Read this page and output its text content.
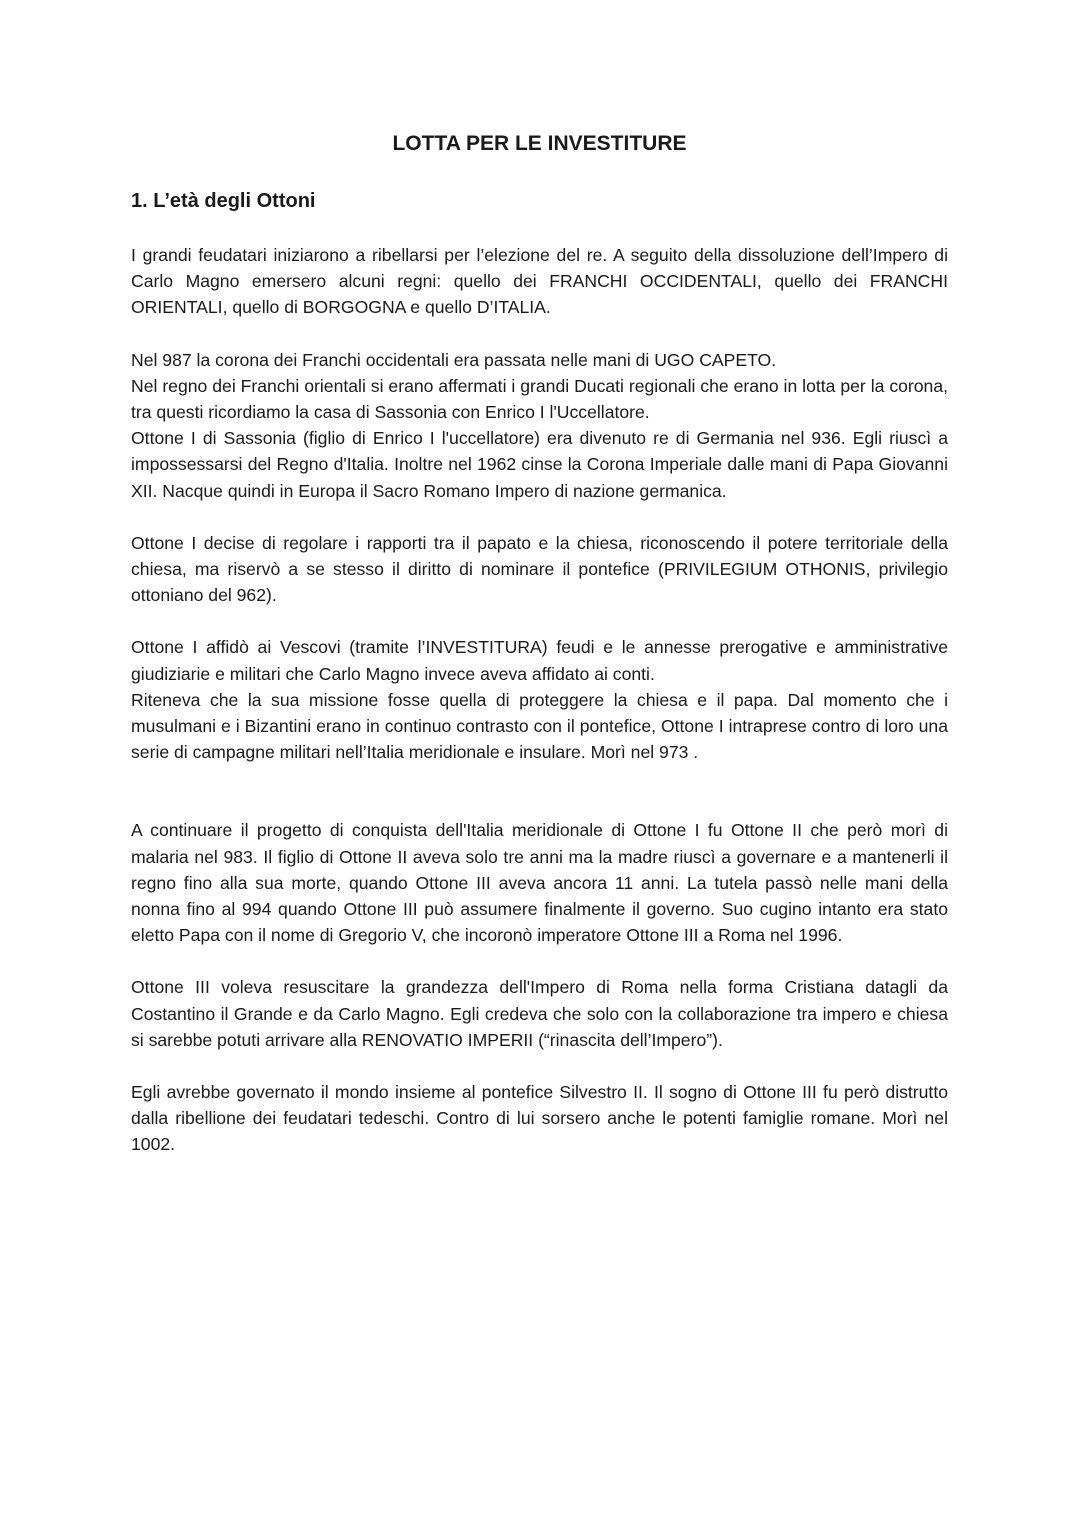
LOTTA PER LE INVESTITURE
1. L’età degli Ottoni

I grandi feudatari iniziarono a ribellarsi per l’elezione del re. A seguito della dissoluzione dell’Impero di Carlo Magno emersero alcuni regni: quello dei FRANCHI OCCIDENTALI, quello dei FRANCHI ORIENTALI, quello di BORGOGNA e quello D’ITALIA.

Nel 987 la corona dei Franchi occidentali era passata nelle mani di UGO CAPETO.

Nel regno dei Franchi orientali si erano affermati i grandi Ducati regionali che erano in lotta per la corona, tra questi ricordiamo la casa di Sassonia con Enrico I l'Uccellatore.

Ottone I di Sassonia (figlio di Enrico I l'uccellatore) era divenuto re di Germania nel 936. Egli riuscì a impossessarsi del Regno d'Italia. Inoltre nel 1962 cinse la Corona Imperiale dalle mani di Papa Giovanni XII. Nacque quindi in Europa il Sacro Romano Impero di nazione germanica.

Ottone I decise di regolare i rapporti tra il papato e la chiesa, riconoscendo il potere territoriale della chiesa, ma riservò a se stesso il diritto di nominare il pontefice (PRIVILEGIUM OTHONIS, privilegio ottoniano del 962).

Ottone I affidò ai Vescovi (tramite l’INVESTITURA) feudi e le annesse prerogative e amministrative giudiziarie e militari che Carlo Magno invece aveva affidato ai conti.

Riteneva che la sua missione fosse quella di proteggere la chiesa e il papa. Dal momento che i musulmani e i Bizantini erano in continuo contrasto con il pontefice, Ottone I intraprese contro di loro una serie di campagne militari nell’Italia meridionale e insulare. Morì nel 973 .

A continuare il progetto di conquista dell'Italia meridionale di Ottone I fu Ottone II che però morì di malaria nel 983. Il figlio di Ottone II aveva solo tre anni ma la madre riuscì a governare e a mantenerli il regno fino alla sua morte, quando Ottone III aveva ancora 11 anni. La tutela passò nelle mani della nonna fino al 994 quando Ottone III può assumere finalmente il governo. Suo cugino intanto era stato eletto Papa con il nome di Gregorio V, che incoronò imperatore Ottone III a Roma nel 1996.

Ottone III voleva resuscitare la grandezza dell'Impero di Roma nella forma Cristiana datagli da Costantino il Grande e da Carlo Magno. Egli credeva che solo con la collaborazione tra impero e chiesa si sarebbe potuti arrivare alla RENOVATIO IMPERII (“rinascita dell’Impero”).

Egli avrebbe governato il mondo insieme al pontefice Silvestro II. Il sogno di Ottone III fu però distrutto dalla ribellione dei feudatari tedeschi. Contro di lui sorsero anche le potenti famiglie romane. Morì nel 1002.
